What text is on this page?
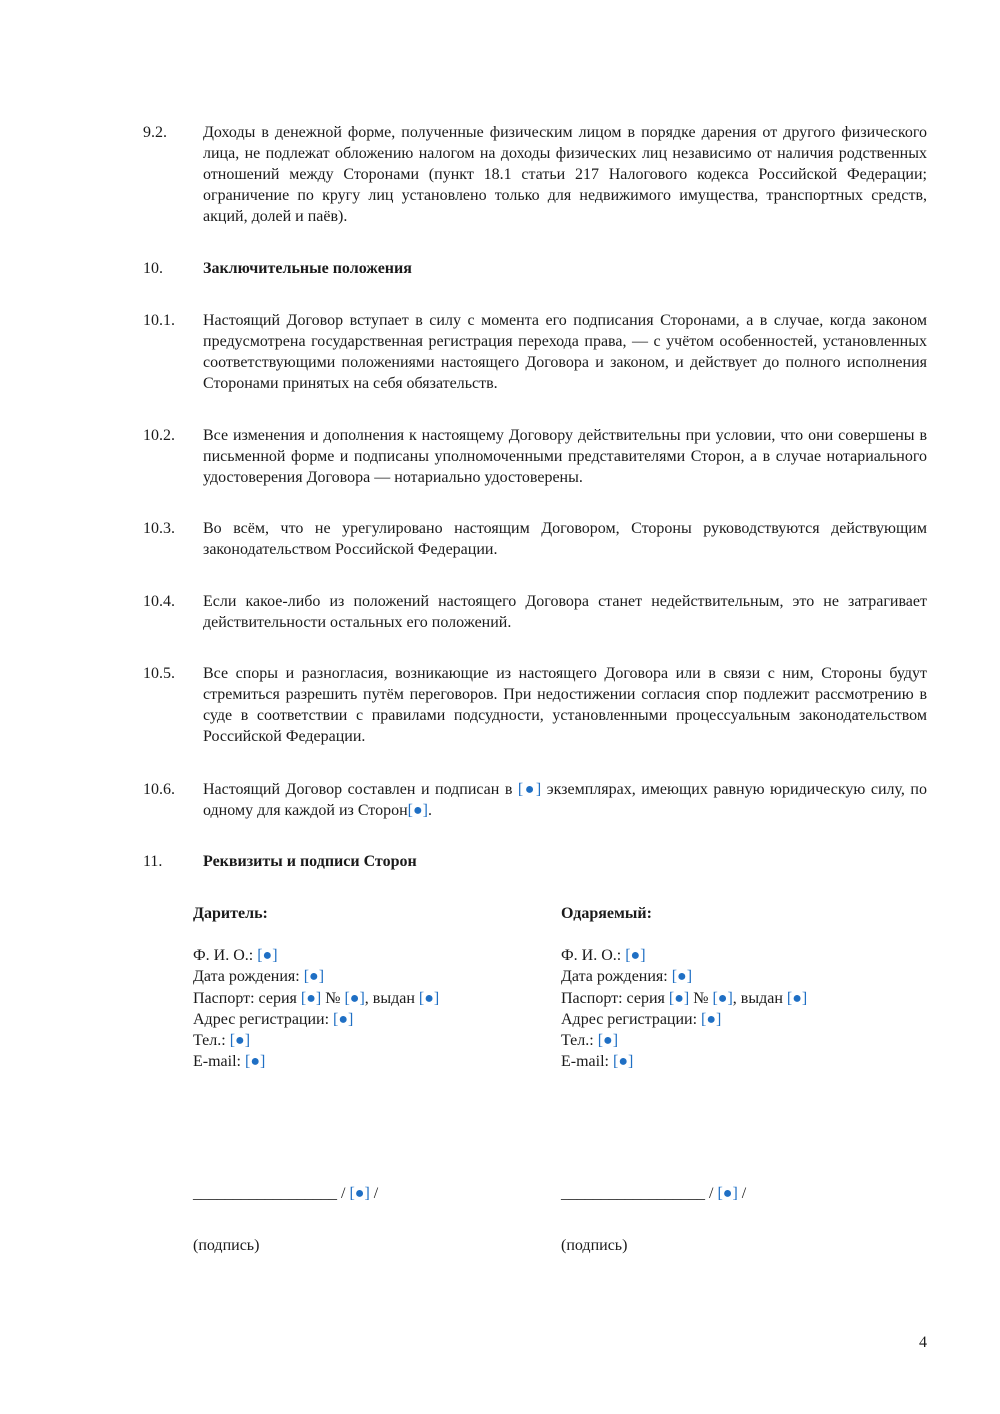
9.2.	Доходы в денежной форме, полученные физическим лицом в порядке дарения от другого физического лица, не подлежат обложению налогом на доходы физических лиц независимо от наличия родственных отношений между Сторонами (пункт 18.1 статьи 217 Налогового кодекса Российской Федерации; ограничение по кругу лиц установлено только для недвижимого имущества, транспортных средств, акций, долей и паёв).
10.	Заключительные положения
10.1.	Настоящий Договор вступает в силу с момента его подписания Сторонами, а в случае, когда законом предусмотрена государственная регистрация перехода права, — с учётом особенностей, установленных соответствующими положениями настоящего Договора и законом, и действует до полного исполнения Сторонами принятых на себя обязательств.
10.2.	Все изменения и дополнения к настоящему Договору действительны при условии, что они совершены в письменной форме и подписаны уполномоченными представителями Сторон, а в случае нотариального удостоверения Договора — нотариально удостоверены.
10.3.	Во всём, что не урегулировано настоящим Договором, Стороны руководствуются действующим законодательством Российской Федерации.
10.4.	Если какое-либо из положений настоящего Договора станет недействительным, это не затрагивает действительности остальных его положений.
10.5.	Все споры и разногласия, возникающие из настоящего Договора или в связи с ним, Стороны будут стремиться разрешить путём переговоров. При недостижении согласия спор подлежит рассмотрению в суде в соответствии с правилами подсудности, установленными процессуальным законодательством Российской Федерации.
10.6.	Настоящий Договор составлен и подписан в [●] экземплярах, имеющих равную юридическую силу, по одному для каждой из Сторон[●].
11.	Реквизиты и подписи Сторон
Даритель:
Ф. И. О.: [●]
Дата рождения: [●]
Паспорт: серия [●] № [●], выдан [●]
Адрес регистрации: [●]
Тел.: [●]
E-mail: [●]
Одаряемый:
Ф. И. О.: [●]
Дата рождения: [●]
Паспорт: серия [●] № [●], выдан [●]
Адрес регистрации: [●]
Тел.: [●]
E-mail: [●]
__________________ / [●] /	__________________ / [●] /
(подпись)	(подпись)
4
